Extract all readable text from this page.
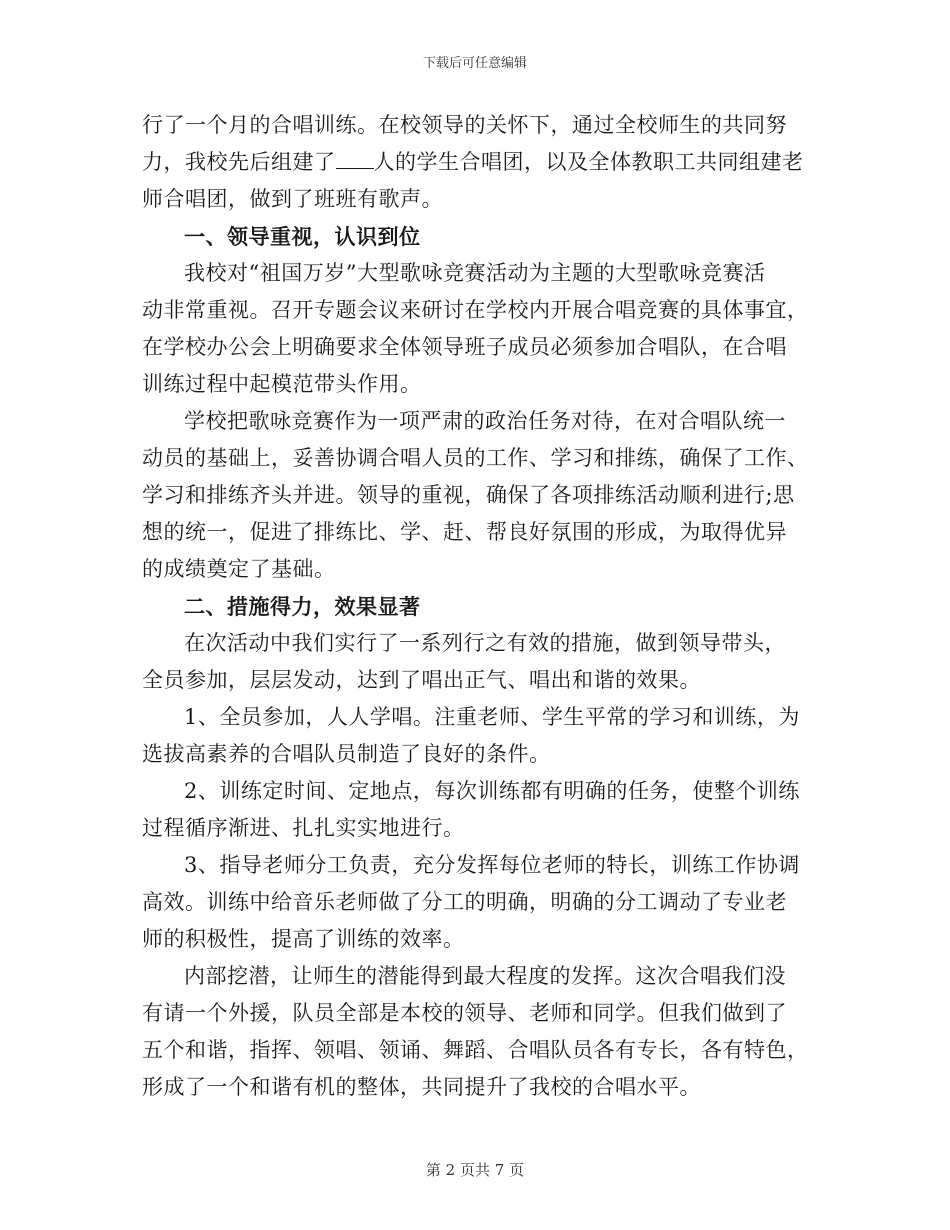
下载后可任意编辑
行了一个月的合唱训练。在校领导的关怀下，通过全校师生的共同努
力，我校先后组建了 人的学生合唱团，以及全体教职工共同组建老
师合唱团，做到了班班有歌声。
一、领导重视，认识到位
我校对“祖国万岁”大型歌咏竞赛活动为主题的大型歌咏竞赛活
动非常重视。召开专题会议来研讨在学校内开展合唱竞赛的具体事宜，
在学校办公会上明确要求全体领导班子成员必须参加合唱队，在合唱
训练过程中起模范带头作用。
学校把歌咏竞赛作为一项严肃的政治任务对待，在对合唱队统一
动员的基础上，妥善协调合唱人员的工作、学习和排练，确保了工作、
学习和排练齐头并进。领导的重视，确保了各项排练活动顺利进行;思
想的统一，促进了排练比、学、赶、帮良好氛围的形成，为取得优异
的成绩奠定了基础。
二、措施得力，效果显著
在次活动中我们实行了一系列行之有效的措施，做到领导带头，
全员参加，层层发动，达到了唱出正气、唱出和谐的效果。
1、全员参加，人人学唱。注重老师、学生平常的学习和训练，为
选拔高素养的合唱队员制造了良好的条件。
2、训练定时间、定地点，每次训练都有明确的任务，使整个训练
过程循序渐进、扎扎实实地进行。
3、指导老师分工负责，充分发挥每位老师的特长，训练工作协调
高效。训练中给音乐老师做了分工的明确，明确的分工调动了专业老
师的积极性，提高了训练的效率。
内部挖潜，让师生的潜能得到最大程度的发挥。这次合唱我们没
有请一个外援，队员全部是本校的领导、老师和同学。但我们做到了
五个和谐，指挥、领唱、领诵、舞蹈、合唱队员各有专长，各有特色，
形成了一个和谐有机的整体，共同提升了我校的合唱水平。
第 2 页共 7 页
